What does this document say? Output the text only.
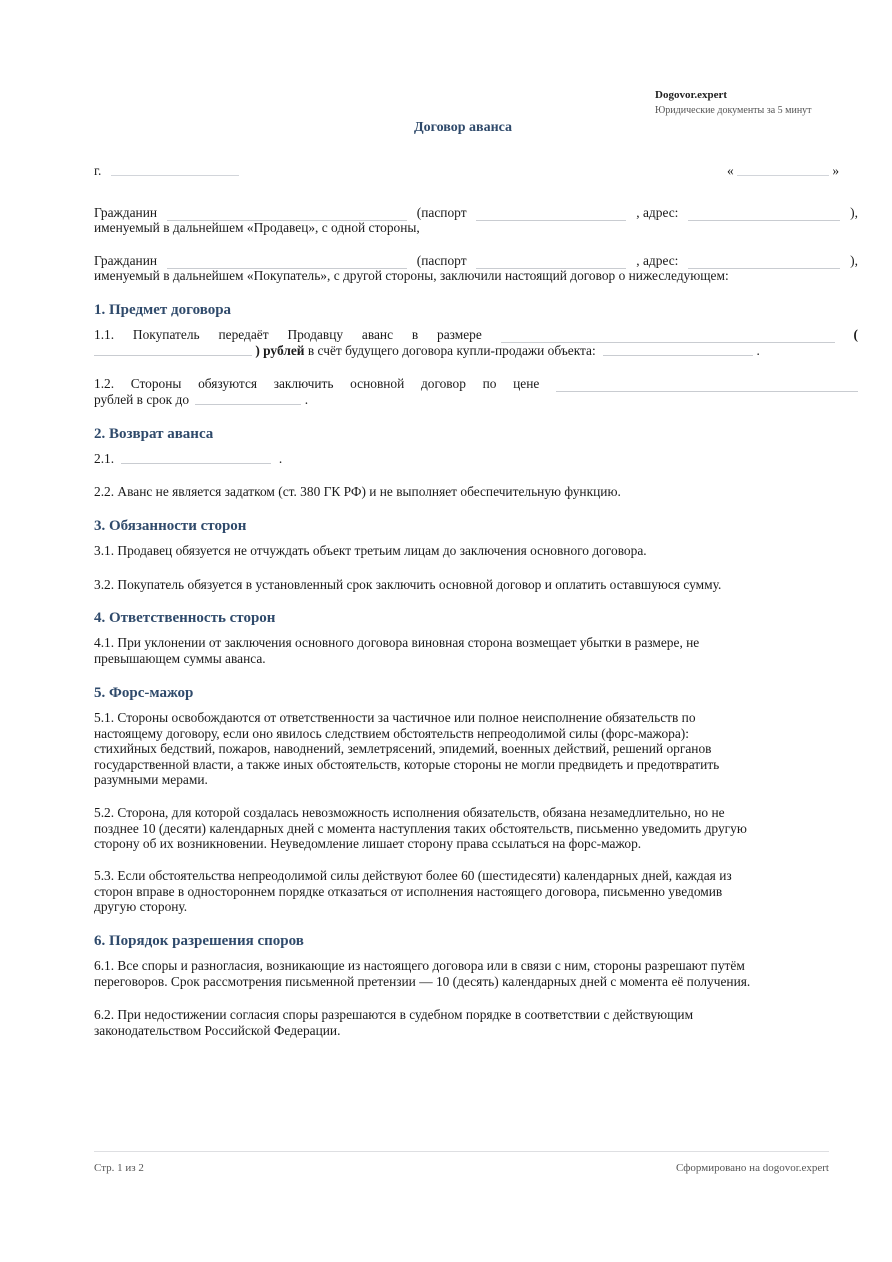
Dogovor.expert
Юридические документы за 5 минут
Договор аванса
г.	«	»
Гражданин	(паспорт	, адрес:	),
именуемый в дальнейшем «Продавец», с одной стороны,
Гражданин	(паспорт	, адрес:	),
именуемый в дальнейшем «Покупатель», с другой стороны, заключили настоящий договор о нижеследующем:
1. Предмет договора
1.1. Покупатель передаёт Продавцу аванс в размере	(
) рублей в счёт будущего договора купли-продажи объекта:	.
1.2. Стороны обязуются заключить основной договор по цене
рублей в срок до	.
2. Возврат аванса
2.1.	.
2.2. Аванс не является задатком (ст. 380 ГК РФ) и не выполняет обеспечительную функцию.
3. Обязанности сторон
3.1. Продавец обязуется не отчуждать объект третьим лицам до заключения основного договора.
3.2. Покупатель обязуется в установленный срок заключить основной договор и оплатить оставшуюся сумму.
4. Ответственность сторон
4.1. При уклонении от заключения основного договора виновная сторона возмещает убытки в размере, не
превышающем суммы аванса.
5. Форс-мажор
5.1. Стороны освобождаются от ответственности за частичное или полное неисполнение обязательств по
настоящему договору, если оно явилось следствием обстоятельств непреодолимой силы (форс-мажора):
стихийных бедствий, пожаров, наводнений, землетрясений, эпидемий, военных действий, решений органов
государственной власти, а также иных обстоятельств, которые стороны не могли предвидеть и предотвратить
разумными мерами.
5.2. Сторона, для которой создалась невозможность исполнения обязательств, обязана незамедлительно, но не
позднее 10 (десяти) календарных дней с момента наступления таких обстоятельств, письменно уведомить другую
сторону об их возникновении. Неуведомление лишает сторону права ссылаться на форс-мажор.
5.3. Если обстоятельства непреодолимой силы действуют более 60 (шестидесяти) календарных дней, каждая из
сторон вправе в одностороннем порядке отказаться от исполнения настоящего договора, письменно уведомив
другую сторону.
6. Порядок разрешения споров
6.1. Все споры и разногласия, возникающие из настоящего договора или в связи с ним, стороны разрешают путём
переговоров. Срок рассмотрения письменной претензии — 10 (десять) календарных дней с момента её получения.
6.2. При недостижении согласия споры разрешаются в судебном порядке в соответствии с действующим
законодательством Российской Федерации.
Стр. 1 из 2	Сформировано на dogovor.expert
